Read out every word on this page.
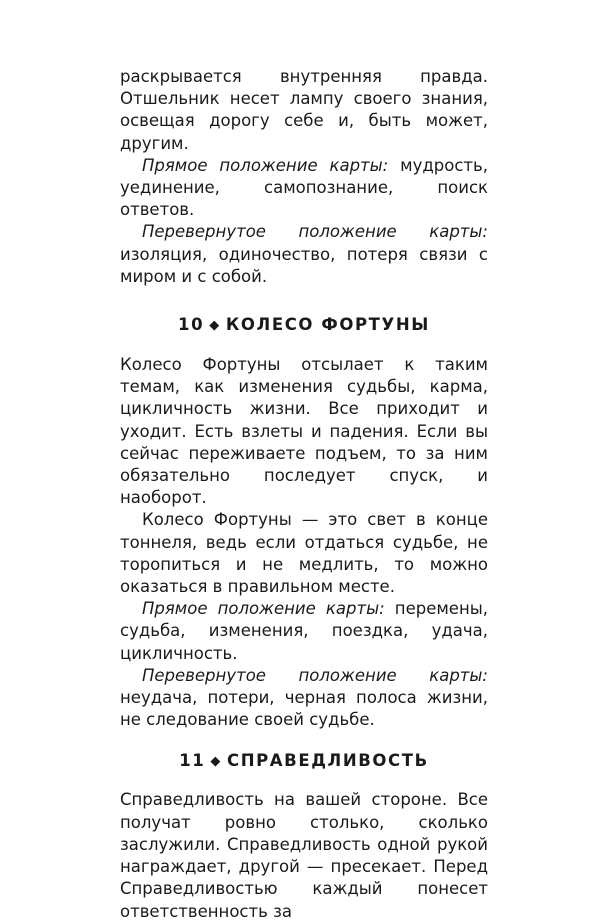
раскрывается внутренняя правда. Отшельник несет лампу своего знания, освещая дорогу себе и, быть может, другим.

Прямое положение карты: мудрость, уединение, самопознание, поиск ответов.

Перевернутое положение карты: изоляция, одиночество, потеря связи с миром и с собой.

10 ◆ КОЛЕСО ФОРТУНЫ

Колесо Фортуны отсылает к таким темам, как изменения судьбы, карма, цикличность жизни. Все приходит и уходит. Есть взлеты и падения. Если вы сейчас переживаете подъем, то за ним обязательно последует спуск, и наоборот.

Колесо Фортуны — это свет в конце тоннеля, ведь если отдаться судьбе, не торопиться и не медлить, то можно оказаться в правильном месте.

Прямое положение карты: перемены, судьба, изменения, поездка, удача, цикличность.

Перевернутое положение карты: неудача, потери, черная полоса жизни, не следование своей судьбе.

11 ◆ СПРАВЕДЛИВОСТЬ

Справедливость на вашей стороне. Все получат ровно столько, сколько заслужили. Справедливость одной рукой награждает, другой — пресекает. Перед Справедливостью каждый понесет ответственность за
